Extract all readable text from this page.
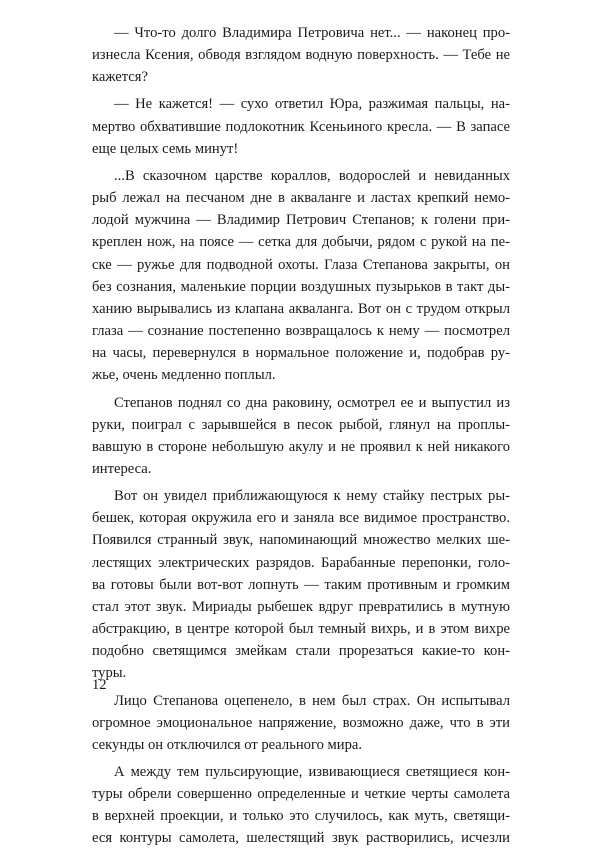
— Что-то долго Владимира Петровича нет... — наконец про-
изнесла Ксения, обводя взглядом водную поверхность. — Тебе не
кажется?
— Не кажется! — сухо ответил Юра, разжимая пальцы, на-
мертво обхватившие подлокотник Ксеньиного кресла. — В запасе
еще целых семь минут!
...В сказочном царстве кораллов, водорослей и невиданных
рыб лежал на песчаном дне в акваланге и ластах крепкий немо-
лодой мужчина — Владимир Петрович Степанов; к голени при-
креплен нож, на поясе — сетка для добычи, рядом с рукой на пе-
ске — ружье для подводной охоты. Глаза Степанова закрыты, он
без сознания, маленькие порции воздушных пузырьков в такт ды-
ханию вырывались из клапана акваланга. Вот он с трудом открыл
глаза — сознание постепенно возвращалось к нему — посмотрел
на часы, перевернулся в нормальное положение и, подобрав ру-
жье, очень медленно поплыл.
Степанов поднял со дна раковину, осмотрел ее и выпустил из
руки, поиграл с зарывшейся в песок рыбой, глянул на проплы-
вавшую в стороне небольшую акулу и не проявил к ней никакого
интереса.
Вот он увидел приближающуюся к нему стайку пестрых ры-
бешек, которая окружила его и заняла все видимое пространство.
Появился странный звук, напоминающий множество мелких ше-
лестящих электрических разрядов. Барабанные перепонки, голо-
ва готовы были вот-вот лопнуть — таким противным и громким
стал этот звук. Мириады рыбешек вдруг превратились в мутную
абстракцию, в центре которой был темный вихрь, и в этом вихре
подобно светящимся змейкам стали прорезаться какие-то кон-
туры.
Лицо Степанова оцепенело, в нем был страх. Он испытывал
огромное эмоциональное напряжение, возможно даже, что в эти
секунды он отключился от реального мира.
А между тем пульсирующие, извивающиеся светящиеся кон-
туры обрели совершенно определенные и четкие черты самолета
в верхней проекции, и только это случилось, как муть, светящи-
еся контуры самолета, шелестящий звук растворились, исчезли
12
